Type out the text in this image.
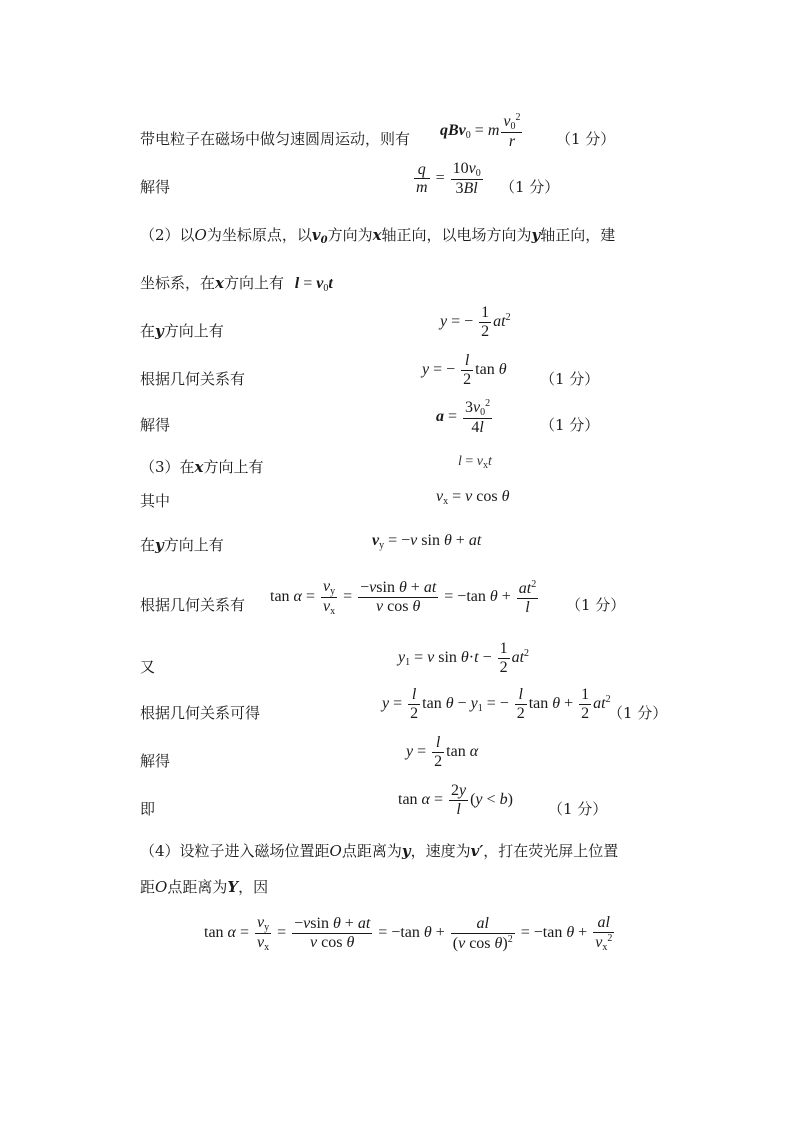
带电粒子在磁场中做匀速圆周运动，则有 qBv$_0$ = m $\frac{v_0^2}{r} (1$ 分）
解得	$\frac{q}{m} = \frac{10v_0}{3Bl} (1$ 分）
（2）以O为坐标原点，以$v_0$方向为x轴正向，以电场方向为y轴正向，建
坐标系，在x方向上有 $l = v_0t$
在y方向上有
y = − $\frac{1}{2} at^2$
根据几何关系有
y = − $\frac{l}{2}$ tan θ
（1 分）
解得	$a = \frac{3v_0^2}{4l}$	（1 分）
（3）在x方向上有	$l = v_xt$
其中	$v_x = v$ cos θ
在y方向上有	$v_y = -v$ sin θ + at
根据几何关系有 $\tan \alpha = \frac{v_y}{v_x} = \frac{\text{−vsin θ + at}}{\text{v cos θ}} = -\tan$ $\theta + \frac{at^2}{l} (1$ 分）
又
$y_1 = v$ $\sin \theta\cdot t - \frac{1}{2} at^2$
根据几何关系可得
$y = \frac{l}{2}$ $\tan \theta - y_1$ = − $\frac{l}{2}$ $\tan \theta + \frac{1}{2} at^2$
（1 分）
解得
$y = \frac{l}{2}$ tan α
即
$\tan \alpha = \frac{2y}{l} (y < b)$
（1 分）
（4）设粒子进入磁场位置距O点距离为y，速度为v′，打在荧光屏上位置
距O点距离为Y，因
$\tan \alpha = \frac{v_y}{v_x} = \frac{\text{−vsin θ + at}}{\text{v cos θ}} = -\tan$ $\theta + \frac{al}{(v \cos \theta)^2} = -\tan$ $\theta + \frac{al}{v_x^2}$
